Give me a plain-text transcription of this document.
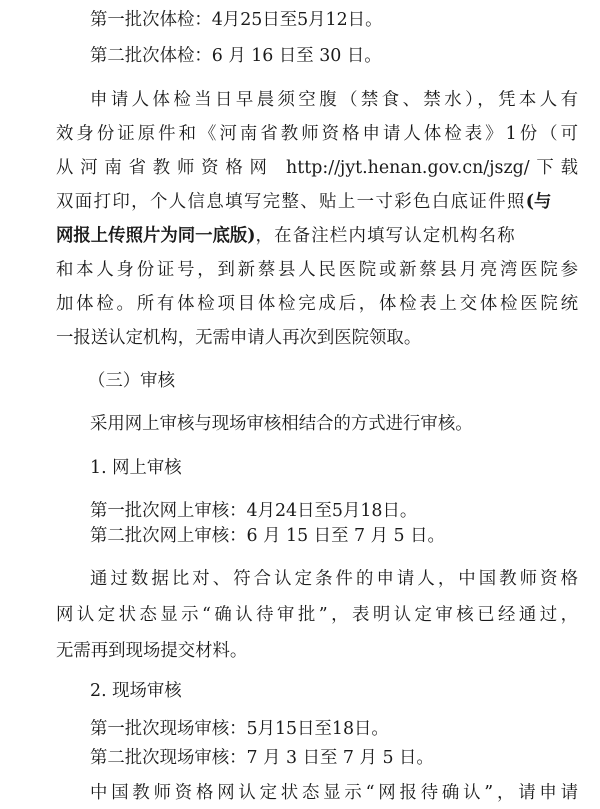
第一批次体检：4月25日至5月12日。
第二批次体检：6 月 16 日至 30 日。
申请人体检当日早晨须空腹（禁食、禁水），凭本人有
效身份证原件和《河南省教师资格申请人体检表》1份（可
从河南省教师资格网 http://jyt.henan.gov.cn/jszg/下载
双面打印，个人信息填写完整、贴上一寸彩色白底证件照(与
网报上传照片为同一底版)，在备注栏内填写认定机构名称
和本人身份证号，到新蔡县人民医院或新蔡县月亮湾医院参
加体检。所有体检项目体检完成后，体检表上交体检医院统
一报送认定机构，无需申请人再次到医院领取。
（三）审核
采用网上审核与现场审核相结合的方式进行审核。
1. 网上审核
第一批次网上审核：4月24日至5月18日。
第二批次网上审核：6 月 15 日至 7 月 5 日。
通过数据比对、符合认定条件的申请人，中国教师资格
网认定状态显示“确认待审批”，表明认定审核已经通过，
无需再到现场提交材料。
2. 现场审核
第一批次现场审核：5月15日至18日。
第二批次现场审核：7 月 3 日至 7 月 5 日。
中国教师资格网认定状态显示“网报待确认”，请申请
